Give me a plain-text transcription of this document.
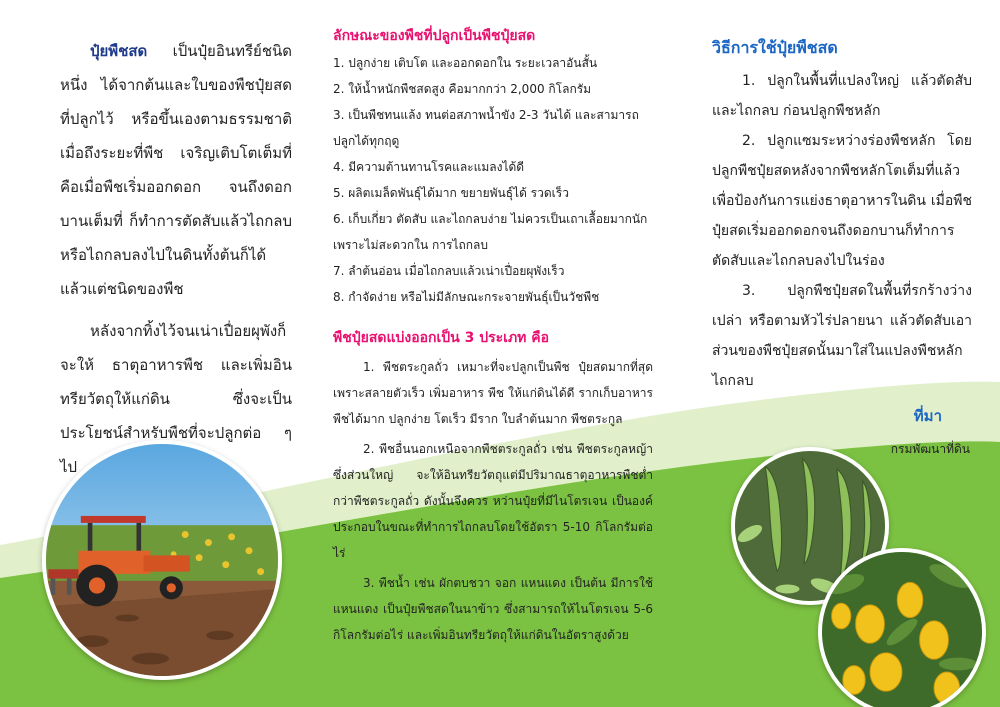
ปุ๋ยพืชสด เป็นปุ๋ยอินทรีย์ชนิดหนึ่ง ได้จากต้นและใบของพืชปุ๋ยสดที่ปลูกไว้ หรือขึ้นเองตามธรรมชาติ เมื่อถึงระยะที่พืช เจริญเติบโตเต็มที่ คือเมื่อพืชเริ่มออกดอก จนถึงดอกบานเต็มที่ ก็ทำการตัดสับแล้วไถกลบ หรือไถกลบลงไปในดินทั้งต้นก็ได้ แล้วแต่ชนิดของพืช

หลังจากทิ้งไว้จนเน่าเปื่อยผุพังก็จะให้ ธาตุอาหารพืช และเพิ่มอินทรียวัตถุให้แก่ดิน ซึ่งจะเป็นประโยชน์สำหรับพืชที่จะปลูกต่อ ๆ ไป

ลักษณะของพืชที่ปลูกเป็นพืชปุ๋ยสด
1. ปลูกง่าย เติบโต และออกดอกใน ระยะเวลาอันสั้น
2. ให้น้ำหนักพืชสดสูง คือมากกว่า 2,000 กิโลกรัม
3. เป็นพืชทนแล้ง ทนต่อสภาพน้ำขัง 2-3 วันได้ และสามารถปลูกได้ทุกฤดู
4. มีความต้านทานโรคและแมลงได้ดี
5. ผลิตเมล็ดพันธุ์ได้มาก ขยายพันธุ์ได้ รวดเร็ว
6. เก็บเกี่ยว ตัดสับ และไถกลบง่าย ไม่ควรเป็นเถาเลื้อยมากนัก เพราะไม่สะดวกใน การไถกลบ
7. ลำต้นอ่อน เมื่อไถกลบแล้วเน่าเปื่อยผุพังเร็ว
8. กำจัดง่าย หรือไม่มีลักษณะกระจายพันธุ์เป็นวัชพืช
พืชปุ๋ยสดแบ่งออกเป็น 3 ประเภท คือ

1. พืชตระกูลถั่ว เหมาะที่จะปลูกเป็นพืช ปุ๋ยสดมากที่สุด เพราะสลายตัวเร็ว เพิ่มอาหาร พืช ให้แก่ดินได้ดี รากเก็บอาหารพืชได้มาก ปลูกง่าย โตเร็ว มีราก ใบลำต้นมาก พืชตระกูล

2. พืชอื่นนอกเหนือจากพืชตระกูลถั่ว เช่น พืชตระกูลหญ้า ซึ่งส่วนใหญ่ จะให้อินทรียวัตถุแต่มีปริมาณธาตุอาหารพืชต่ำกว่าพืชตระกูลถั่ว ดังนั้นจึงควร หว่านปุ๋ยที่มีไนโตรเจน เป็นองค์ประกอบในขณะที่ทำการไถกลบโดยใช้อัตรา 5-10 กิโลกรัมต่อไร่

3. พืชน้ำ เช่น ผักตบชวา จอก แหนแดง เป็นต้น มีการใช้แหนแดง เป็นปุ๋ยพืชสดในนาข้าว ซึ่งสามารถให้ไนโตรเจน 5-6 กิโลกรัมต่อไร่ และเพิ่มอินทรียวัตถุให้แก่ดินในอัตราสูงด้วย

วิธีการใช้ปุ๋ยพืชสด

1. ปลูกในพื้นที่แปลงใหญ่ แล้วตัดสับและไถกลบ ก่อนปลูกพืชหลัก

2. ปลูกแซมระหว่างร่องพืชหลัก โดยปลูกพืชปุ๋ยสดหลังจากพืชหลักโตเต็มที่แล้ว เพื่อป้องกันการแย่งธาตุอาหารในดิน เมื่อพืชปุ๋ยสดเริ่มออกดอกจนถึงดอกบานก็ทำการตัดสับและไถกลบลงไปในร่อง

3. ปลูกพืชปุ๋ยสดในพื้นที่รกร้างว่างเปล่า หรือตามหัวไร่ปลายนา แล้วตัดสับเอาส่วนของพืชปุ๋ยสดนั้นมาใส่ในแปลงพืชหลักไถกลบ

ที่มา
กรมพัฒนาที่ดิน
